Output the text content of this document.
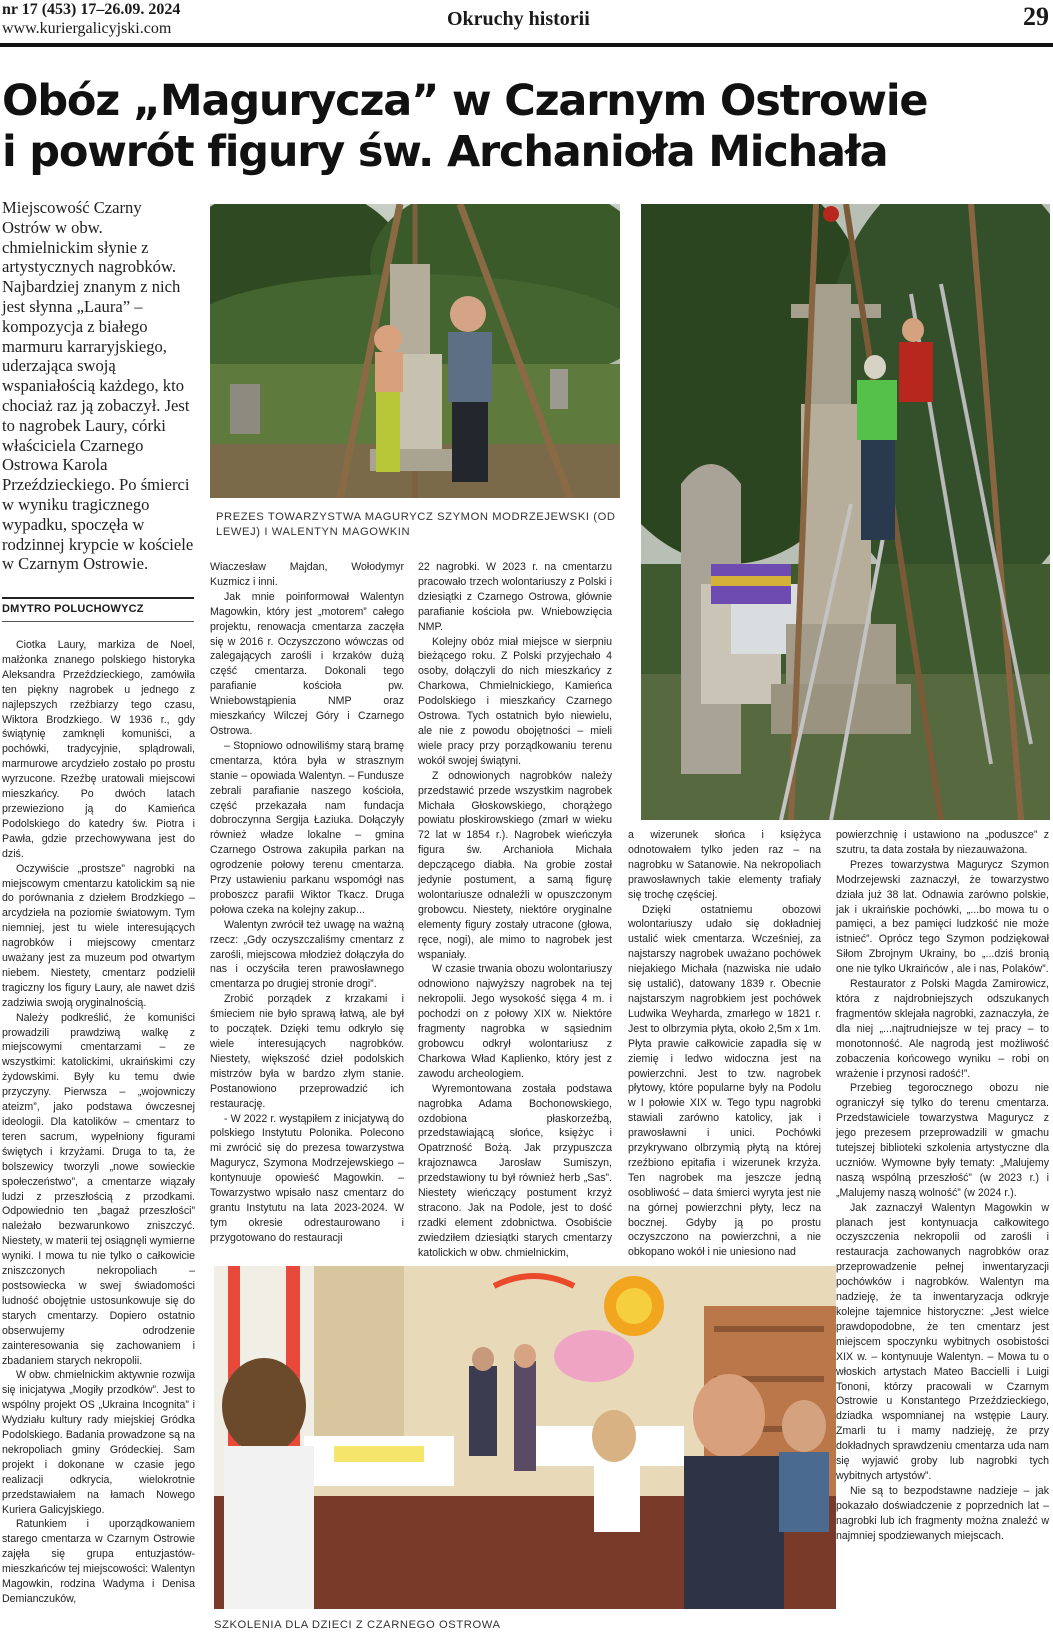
nr 17 (453) 17–26.09. 2024
www.kuriergalicyjski.com	Okruchy historii	29
Obóz „Magurycza” w Czarnym Ostrowie
i powrót figury św. Archanioła Michała

Miejscowość Czarny Ostrów w obw. chmielnickim słynie z artystycznych nagrobków. Najbardziej znanym z nich jest słynna „Laura” – kompozycja z białego marmuru karraryjskiego, uderzająca swoją wspaniałością każdego, kto chociaż raz ją zobaczył. Jest to nagrobek Laury, córki właściciela Czarnego Ostrowa Karola Przeździeckiego. Po śmierci w wyniku tragicznego wypadku, spoczęła w rodzinnej krypcie w kościele w Czarnym Ostrowie.

DMYTRO POLUCHOWYCZ
PREZES TOWARZYSTWA MAGURYCZ SZYMON MODRZEJEWSKI (OD LEWEJ) I WALENTYN MAGOWKIN
SZKOLENIA DLA DZIECI Z CZARNEGO OSTROWA

Ciotka Laury, markiza de Noel, małżonka znanego polskiego historyka Aleksandra Przeździeckiego, zamówiła ten piękny nagrobek u jednego z najlepszych rzeźbiarzy tego czasu, Wiktora Brodzkiego. W 1936 r., gdy świątynię zamknęli komuniści, a pochówki, tradycyjnie, splądrowali, marmurowe arcydzieło zostało po prostu wyrzucone. Rzeźbę uratowali miejscowi mieszkańcy. Po dwóch latach przewieziono ją do Kamieńca Podolskiego do katedry św. Piotra i Pawła, gdzie przechowywana jest do dziś.

Oczywiście „prostsze” nagrobki na miejscowym cmentarzu katolickim są nie do porównania z dziełem Brodzkiego – arcydzieła na poziomie światowym. Tym niemniej, jest tu wiele interesujących nagrobków i miejscowy cmentarz uważany jest za muzeum pod otwartym niebem. Niestety, cmentarz podzielił tragiczny los figury Laury, ale nawet dziś zadziwia swoją oryginalnością.

Należy podkreślić, że komuniści prowadzili prawdziwą walkę z miejscowymi cmentarzami – ze wszystkimi: katolickimi, ukraińskimi czy żydowskimi. Były ku temu dwie przyczyny. Pierwsza – „wojowniczy ateizm”, jako podstawa ówczesnej ideologii. Dla katolików – cmentarz to teren sacrum, wypełniony figurami świętych i krzyżami. Druga to ta, że bolszewicy tworzyli „nowe sowieckie społeczeństwo”, a cmentarze wiązały ludzi z przeszłością z przodkami. Odpowiednio ten „bagaż przeszłości” należało bezwarunkowo zniszczyć. Niestety, w materii tej osiągnęli wymierne wyniki. I mowa tu nie tylko o całkowicie zniszczonych nekropoliach – postsowiecka w swej świadomości ludność obojętnie ustosunkowuje się do starych cmentarzy. Dopiero ostatnio obserwujemy odrodzenie zainteresowania się zachowaniem i zbadaniem starych nekropolii.

W obw. chmielnickim aktywnie rozwija się inicjatywa „Mogiły przodków”. Jest to wspólny projekt OS „Ukraina Incognita” i Wydziału kultury rady miejskiej Gródka Podolskiego. Badania prowadzone są na nekropoliach gminy Gródeckiej. Sam projekt i dokonane w czasie jego realizacji odkrycia, wielokrotnie przedstawiałem na łamach Nowego Kuriera Galicyjskiego.

Ratunkiem i uporządkowaniem starego cmentarza w Czarnym Ostrowie zajęła się grupa entuzjastów-mieszkańców tej miejscowości: Walentyn Magowkin, rodzina Wadyma i Denisa Demianczuków,

Wiaczesław Majdan, Wołodymyr Kuzmicz i inni.

Jak mnie poinformował Walentyn Magowkin, który jest „motorem” całego projektu, renowacja cmentarza zaczęła się w 2016 r. Oczyszczono wówczas od zalegających zarośli i krzaków dużą część cmentarza. Dokonali tego parafianie kościoła pw. Wniebowstąpienia NMP oraz mieszkańcy Wilczej Góry i Czarnego Ostrowa.

– Stopniowo odnowiliśmy starą bramę cmentarza, która była w strasznym stanie – opowiada Walentyn. – Fundusze zebrali parafianie naszego kościoła, część przekazała nam fundacja dobroczynna Sergija Łaziuka. Dołączyły również władze lokalne – gmina Czarnego Ostrowa zakupiła parkan na ogrodzenie połowy terenu cmentarza. Przy ustawieniu parkanu wspomógł nas proboszcz parafii Wiktor Tkacz. Druga połowa czeka na kolejny zakup...

Walentyn zwrócił też uwagę na ważną rzecz: „Gdy oczyszczaliśmy cmentarz z zarośli, miejscowa młodzież dołączyła do nas i oczyściła teren prawosławnego cmentarza po drugiej stronie drogi”.

Zrobić porządek z krzakami i śmieciem nie było sprawą łatwą, ale był to początek. Dzięki temu odkryło się wiele interesujących nagrobków. Niestety, większość dzieł podolskich mistrzów była w bardzo złym stanie. Postanowiono przeprowadzić ich restaurację.

- W 2022 r. wystąpiłem z inicjatywą do polskiego Instytutu Polonika. Polecono mi zwrócić się do prezesa towarzystwa Magurycz, Szymona Modrzejewskiego – kontynuuje opowieść Magowkin. – Towarzystwo wpisało nasz cmentarz do grantu Instytutu na lata 2023-2024. W tym okresie odrestaurowano i przygotowano do restauracji

22 nagrobki. W 2023 r. na cmentarzu pracowało trzech wolontariuszy z Polski i dziesiątki z Czarnego Ostrowa, głównie parafianie kościoła pw. Wniebowzięcia NMP.

Kolejny obóz miał miejsce w sierpniu bieżącego roku. Z Polski przyjechało 4 osoby, dołączyli do nich mieszkańcy z Charkowa, Chmielnickiego, Kamieńca Podolskiego i mieszkańcy Czarnego Ostrowa. Tych ostatnich było niewielu, ale nie z powodu obojętności – mieli wiele pracy przy porządkowaniu terenu wokół swojej świątyni.

Z odnowionych nagrobków należy przedstawić przede wszystkim nagrobek Michała Głoskowskiego, chorążego powiatu płoskirowskiego (zmarł w wieku 72 lat w 1854 r.). Nagrobek wieńczyła figura św. Archanioła Michała depczącego diabła. Na grobie został jedynie postument, a samą figurę wolontariusze odnaleźli w opuszczonym grobowcu. Niestety, niektóre oryginalne elementy figury zostały utracone (głowa, ręce, nogi), ale mimo to nagrobek jest wspaniały.

W czasie trwania obozu wolontariuszy odnowiono najwyższy nagrobek na tej nekropolii. Jego wysokość sięga 4 m. i pochodzi on z połowy XIX w. Niektóre fragmenty nagrobka w sąsiednim grobowcu odkrył wolontariusz z Charkowa Wład Kaplienko, który jest z zawodu archeologiem.

Wyremontowana została podstawa nagrobka Adama Bochonowskiego, ozdobiona płaskorzeźbą, przedstawiającą słońce, księżyc i Opatrzność Bożą. Jak przypuszcza krajoznawca Jarosław Sumiszyn, przedstawiony tu był również herb „Sas”. Niestety wieńczący postument krzyż stracono. Jak na Podole, jest to dość rzadki element zdobnictwa. Osobiście zwiedziłem dziesiątki starych cmentarzy katolickich w obw. chmielnickim,

a wizerunek słońca i księżyca odnotowałem tylko jeden raz – na nagrobku w Satanowie. Na nekropoliach prawosławnych takie elementy trafiały się trochę częściej.

Dzięki ostatniemu obozowi wolontariuszy udało się dokładniej ustalić wiek cmentarza. Wcześniej, za najstarszy nagrobek uważano pochówek niejakiego Michała (nazwiska nie udało się ustalić), datowany 1839 r. Obecnie najstarszym nagrobkiem jest pochówek Ludwika Weyharda, zmarłego w 1821 r. Jest to olbrzymia płyta, około 2,5m x 1m. Płyta prawie całkowicie zapadła się w ziemię i ledwo widoczna jest na powierzchni. Jest to tzw. nagrobek płytowy, które popularne były na Podolu w I połowie XIX w. Tego typu nagrobki stawiali zarówno katolicy, jak i prawosławni i unici. Pochówki przykrywano olbrzymią płytą na której rzeźbiono epitafia i wizerunek krzyża. Ten nagrobek ma jeszcze jedną osobliwość – data śmierci wyryta jest nie na górnej powierzchni płyty, lecz na bocznej. Gdyby ją po prostu oczyszczono na powierzchni, a nie obkopano wokół i nie uniesiono nad

powierzchnię i ustawiono na „poduszce” z szutru, ta data została by niezauważona.

Prezes towarzystwa Magurycz Szymon Modrzejewski zaznaczył, że towarzystwo działa już 38 lat. Odnawia zarówno polskie, jak i ukraińskie pochówki, „...bo mowa tu o pamięci, a bez pamięci ludzkość nie może istnieć”. Oprócz tego Szymon podziękował Siłom Zbrojnym Ukrainy, bo „...dziś bronią one nie tylko Ukraińców , ale i nas, Polaków”.

Restaurator z Polski Magda Zamirowicz, która z najdrobniejszych odszukanych fragmentów sklejała nagrobki, zaznaczyła, że dla niej „...najtrudniejsze w tej pracy – to monotonność. Ale nagrodą jest możliwość zobaczenia końcowego wyniku – robi on wrażenie i przynosi radość!”.

Przebieg tegorocznego obozu nie ograniczył się tylko do terenu cmentarza. Przedstawiciele towarzystwa Magurycz z jego prezesem przeprowadzili w gmachu tutejszej biblioteki szkolenia artystyczne dla uczniów. Wymowne były tematy: „Malujemy naszą wspólną przeszłość” (w 2023 r.) i „Malujemy naszą wolność” (w 2024 r.).

Jak zaznaczył Walentyn Magowkin w planach jest kontynuacja całkowitego oczyszczenia nekropolii od zarośli i restauracja zachowanych nagrobków oraz przeprowadzenie pełnej inwentaryzacji pochówków i nagrobków. Walentyn ma nadzieję, że ta inwentaryzacja odkryje kolejne tajemnice historyczne: „Jest wielce prawdopodobne, że ten cmentarz jest miejscem spoczynku wybitnych osobistości XIX w. – kontynuuje Walentyn. – Mowa tu o włoskich artystach Mateo Baccielli i Luigi Tononi, którzy pracowali w Czarnym Ostrowie u Konstantego Przeździeckiego, dziadka wspomnianej na wstępie Laury. Zmarli tu i mamy nadzieję, że przy dokładnych sprawdzeniu cmentarza uda nam się wyjawić groby lub nagrobki tych wybitnych artystów”.

Nie są to bezpodstawne nadzieje – jak pokazało doświadczenie z poprzednich lat – nagrobki lub ich fragmenty można znaleźć w najmniej spodziewanych miejscach.
